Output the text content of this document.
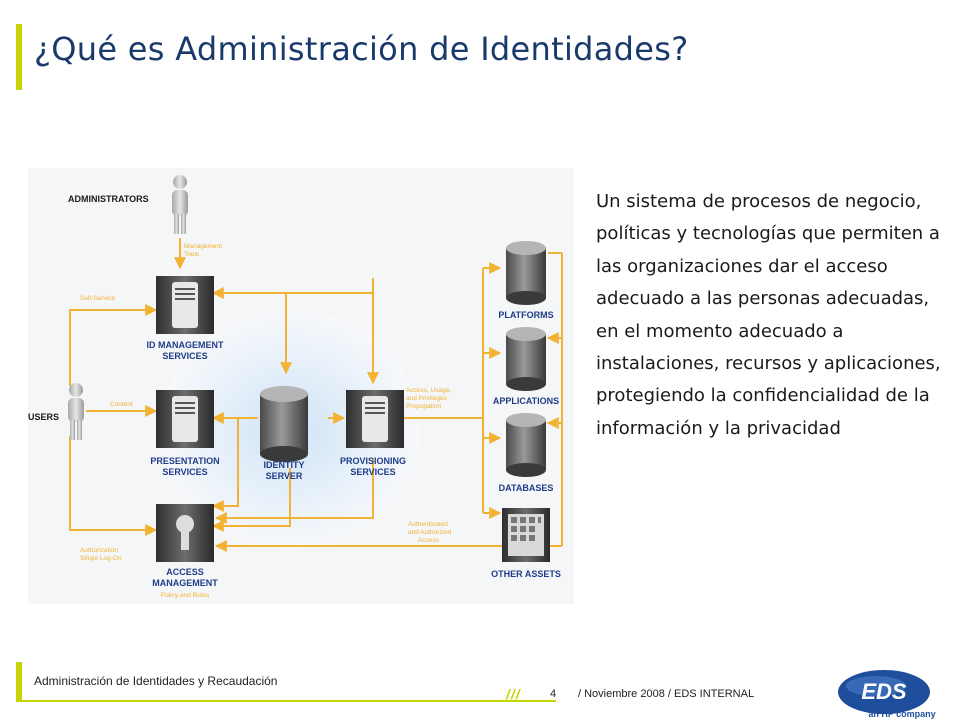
¿Qué es Administración de Identidades?
ADMINISTRATORS
USERS
ID MANAGEMENT
SERVICES
PRESENTATION
SERVICES
ACCESS
MANAGEMENT
IDENTITY
SERVER
PROVISIONING
SERVICES
PLATFORMS
APPLICATIONS
DATABASES
OTHER ASSETS
Management
Tools
Self-Service
Content
Authorization
Single Log-On
Policy and Rules
Access, Usage,
and Privileges
Propogation
Authenticated
and Authorized
Access
Un sistema de procesos de negocio, políticas y tecnologías que permiten a las organizaciones dar el acceso adecuado a las personas adecuadas, en el momento adecuado a instalaciones, recursos y aplicaciones, protegiendo la confidencialidad de la información y la privacidad
Administración de Identidades y Recaudación
///	4 / Noviembre 2008 / EDS INTERNAL	EDS
an HP company
